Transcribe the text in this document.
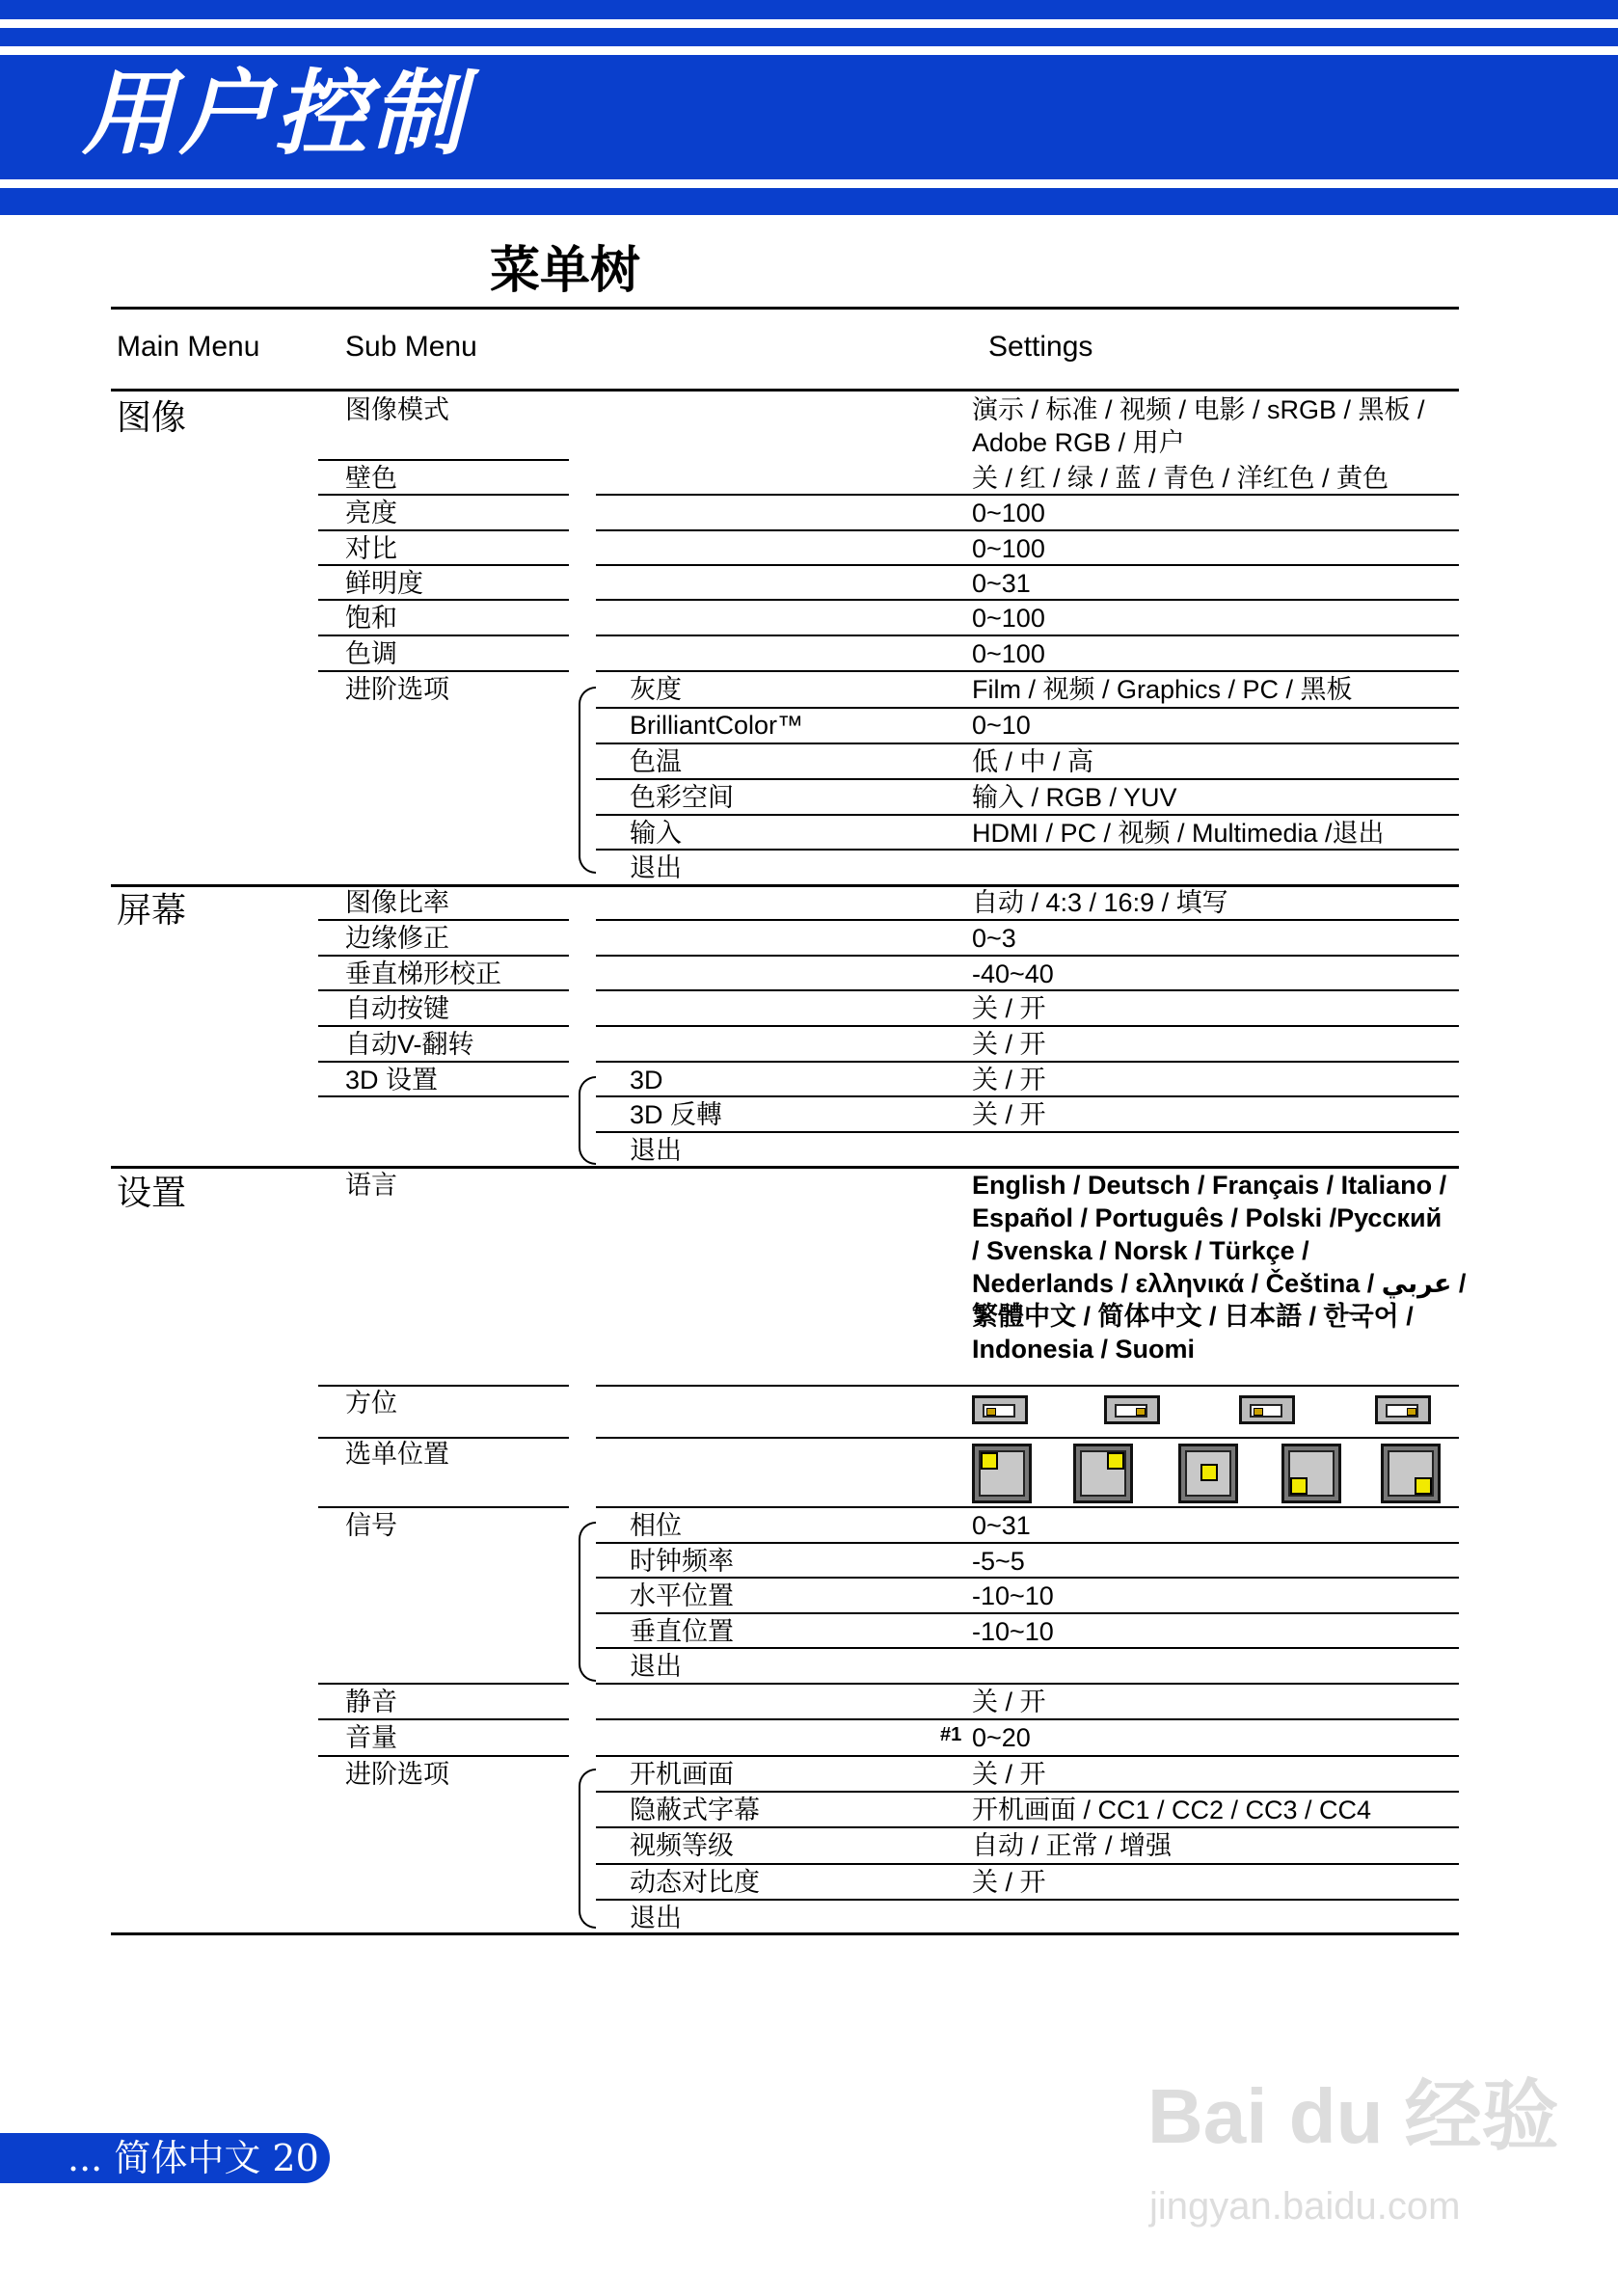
用户控制
菜单树
Main Menu	Sub Menu	Settings
图像	图像模式	演示 / 标准 / 视频 / 电影 / sRGB / 黑板 /
Adobe RGB / 用户
壁色	关 / 红 / 绿 / 蓝 / 青色 / 洋红色 / 黄色
亮度	0~100
对比	0~100
鲜明度	0~31
饱和	0~100
色调	0~100
进阶选项	灰度	Film / 视频 / Graphics / PC / 黑板
BrilliantColor™	0~10
色温	低 / 中 / 高
色彩空间	输入 / RGB / YUV
输入	HDMI / PC / 视频 / Multimedia /退出
退出
屏幕	图像比率	自动 / 4:3 / 16:9 / 填写
边缘修正	0~3
垂直梯形校正	-40~40
自动按键	关 / 开
自动V-翻转	关 / 开
3D 设置	3D	关 / 开
3D 反轉	关 / 开
退出
设置	语言	English / Deutsch / Français / Italiano /
Español / Português / Polski /Русский
/ Svenska / Norsk / Türkçe /
Nederlands / ελληνικά / Čeština / عربي /
繁體中文 / 简体中文 / 日本語 / 한국어 /
Indonesia / Suomi
方位
选单位置
信号	相位	0~31
时钟频率	-5~5
水平位置	-10~10
垂直位置	-10~10
退出
静音	关 / 开
音量	#1 0~20
进阶选项	开机画面	关 / 开
隐蔽式字幕	开机画面 / CC1 / CC2 / CC3 / CC4
视频等级	自动 / 正常 / 增强
动态对比度	关 / 开
退出
... 简体中文 20	Bai du 经验
jingyan.baidu.com
